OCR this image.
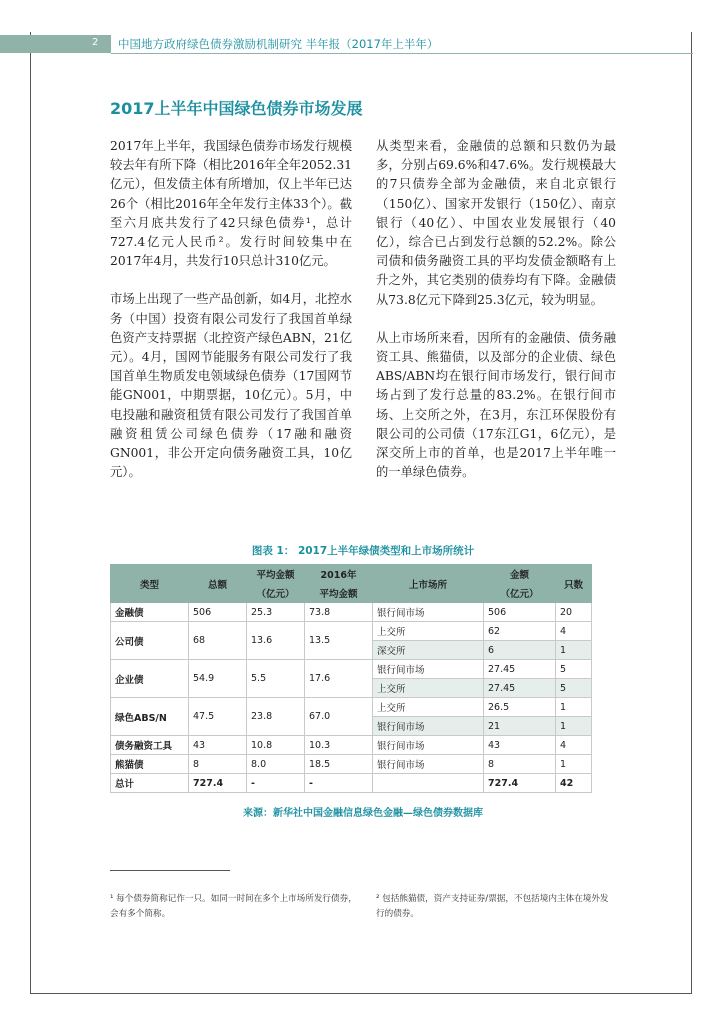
2 中国地方政府绿色债券激励机制研究 半年报（2017年上半年）
2017上半年中国绿色债券市场发展

2017年上半年，我国绿色债券市场发行规模较去年有所下降（相比2016年全年2052.31亿元），但发债主体有所增加，仅上半年已达26个（相比2016年全年发行主体33个）。截至六月底共发行了42只绿色债券¹，总计727.4亿元人民币²。发行时间较集中在2017年4月，共发行10只总计310亿元。

市场上出现了一些产品创新，如4月，北控水务（中国）投资有限公司发行了我国首单绿色资产支持票据（北控资产绿色ABN，21亿元）。4月，国网节能服务有限公司发行了我国首单生物质发电领域绿色债券（17国网节能GN001，中期票据，10亿元）。5月，中电投融和融资租赁有限公司发行了我国首单融资租赁公司绿色债券（17融和融资GN001，非公开定向债务融资工具，10亿元）。

从类型来看，金融债的总额和只数仍为最多，分别占69.6%和47.6%。发行规模最大的7只债券全部为金融债，来自北京银行（150亿）、国家开发银行（150亿）、南京银行（40亿）、中国农业发展银行（40亿），综合已占到发行总额的52.2%。除公司债和债务融资工具的平均发债金额略有上升之外，其它类别的债券均有下降。金融债从73.8亿元下降到25.3亿元，较为明显。

从上市场所来看，因所有的金融债、债务融资工具、熊猫债，以及部分的企业债、绿色ABS/ABN均在银行间市场发行，银行间市场占到了发行总量的83.2%。在银行间市场、上交所之外，在3月，东江环保股份有限公司的公司债（17东江G1，6亿元），是深交所上市的首单，也是2017上半年唯一的一单绿色债券。

图表 1： 2017上半年绿债类型和上市场所统计
类型	总额	平均金额	2016年	上市场所	金额	只数
		（亿元）	平均金额		（亿元）	
金融债	506	25.3	73.8	银行间市场	506	20
公司债	68	13.6	13.5	上交所	62	4
				深交所	6	1
企业债	54.9	5.5	17.6	银行间市场	27.45	5
				上交所	27.45	5
绿色ABS/N	47.5	23.8	67.0	上交所	26.5	1
				银行间市场	21	1
债务融资工具	43	10.8	10.3	银行间市场	43	4
熊猫债	8	8.0	18.5	银行间市场	8	1
总计	727.4	-	-		727.4	42
来源：新华社中国金融信息绿色金融—绿色债券数据库
¹ 每个债券简称记作一只。如同一时间在多个上市场所发行债券，会有多个简称。
² 包括熊猫债，资产支持证券/票据，不包括境内主体在境外发行的债券。
